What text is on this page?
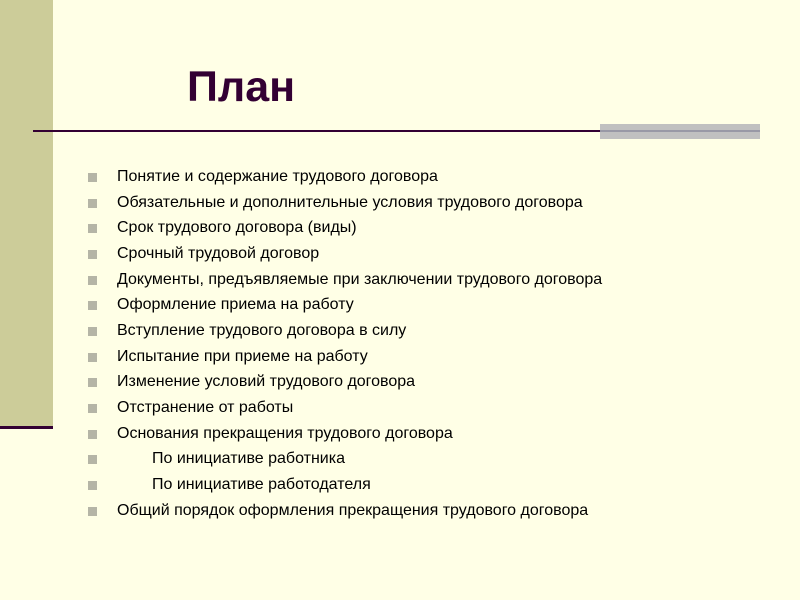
План
Понятие и содержание трудового договора
Обязательные и дополнительные условия трудового договора
Срок трудового договора (виды)
Срочный трудовой договор
Документы, предъявляемые при заключении трудового договора
Оформление приема на работу
Вступление трудового договора в силу
Испытание при приеме на работу
Изменение условий трудового договора
Отстранение от работы
Основания прекращения трудового договора
По инициативе работника
По инициативе работодателя
Общий порядок оформления прекращения трудового договора
